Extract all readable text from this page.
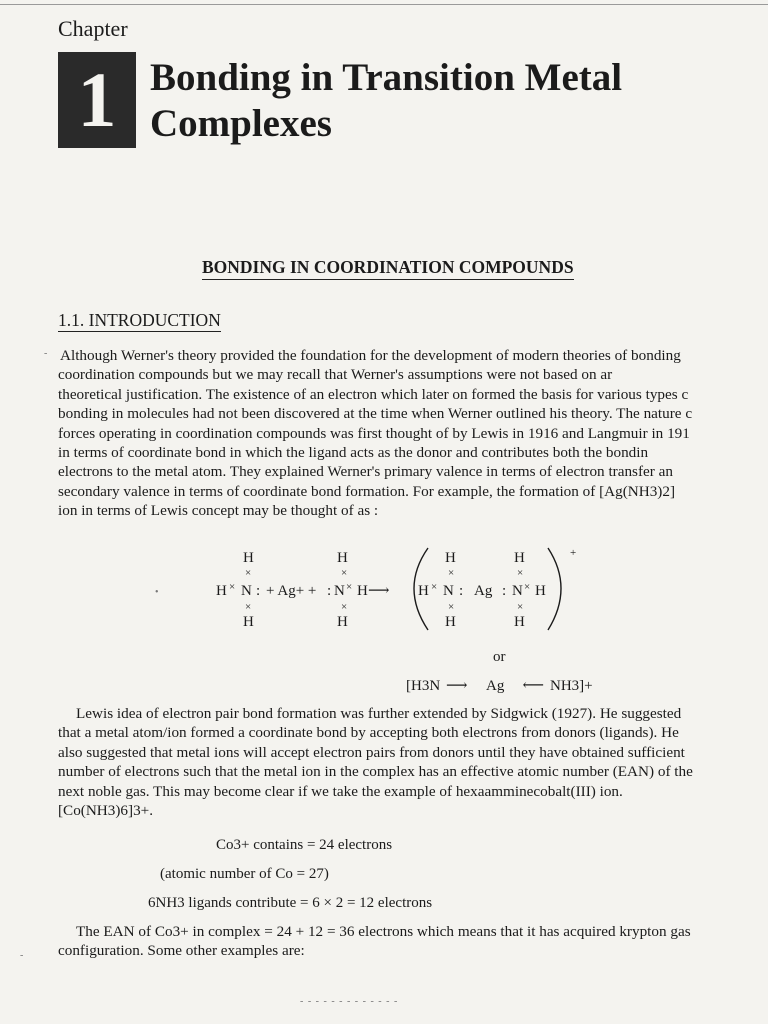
Chapter
1 Bonding in Transition Metal
Complexes
BONDING IN COORDINATION COMPOUNDS
1.1. INTRODUCTION
Although Werner's theory provided the foundation for the development of modern theories of bonding
coordination compounds but we may recall that Werner's assumptions were not based on ar
theoretical justification. The existence of an electron which later on formed the basis for various types c
bonding in molecules had not been discovered at the time when Werner outlined his theory. The nature c
forces operating in coordination compounds was first thought of by Lewis in 1916 and Langmuir in 191
in terms of coordinate bond in which the ligand acts as the donor and contributes both the bondin
electrons to the metal atom. They explained Werner's primary valence in terms of electron transfer an
secondary valence in terms of coordinate bond formation. For example, the formation of [Ag(NH3)2]
ion in terms of Lewis concept may be thought of as :
H
×
H × N : + Ag+ +
×
H
H
×
: N × H
×
H
⟶
H
×
H × N : Ag : N × H
×
H
H
×
×
H
+
or
[H3N ⟶ Ag ⟶ NH3]+
Lewis idea of electron pair bond formation was further extended by Sidgwick (1927). He suggested
that a metal atom/ion formed a coordinate bond by accepting both electrons from donors (ligands). He
also suggested that metal ions will accept electron pairs from donors until they have obtained sufficient
number of electrons such that the metal ion in the complex has an effective atomic number (EAN) of the
next noble gas. This may become clear if we take the example of hexaamminecobalt(III) ion.
[Co(NH3)6]3+.
Co3+ contains = 24 electrons
(atomic number of Co = 27)
6NH3 ligands contribute = 6 × 2 = 12 electrons
The EAN of Co3+ in complex = 24 + 12 = 36 electrons which means that it has acquired krypton gas
configuration. Some other examples are:
-
•
-
- - - - - - - - - - - - -
